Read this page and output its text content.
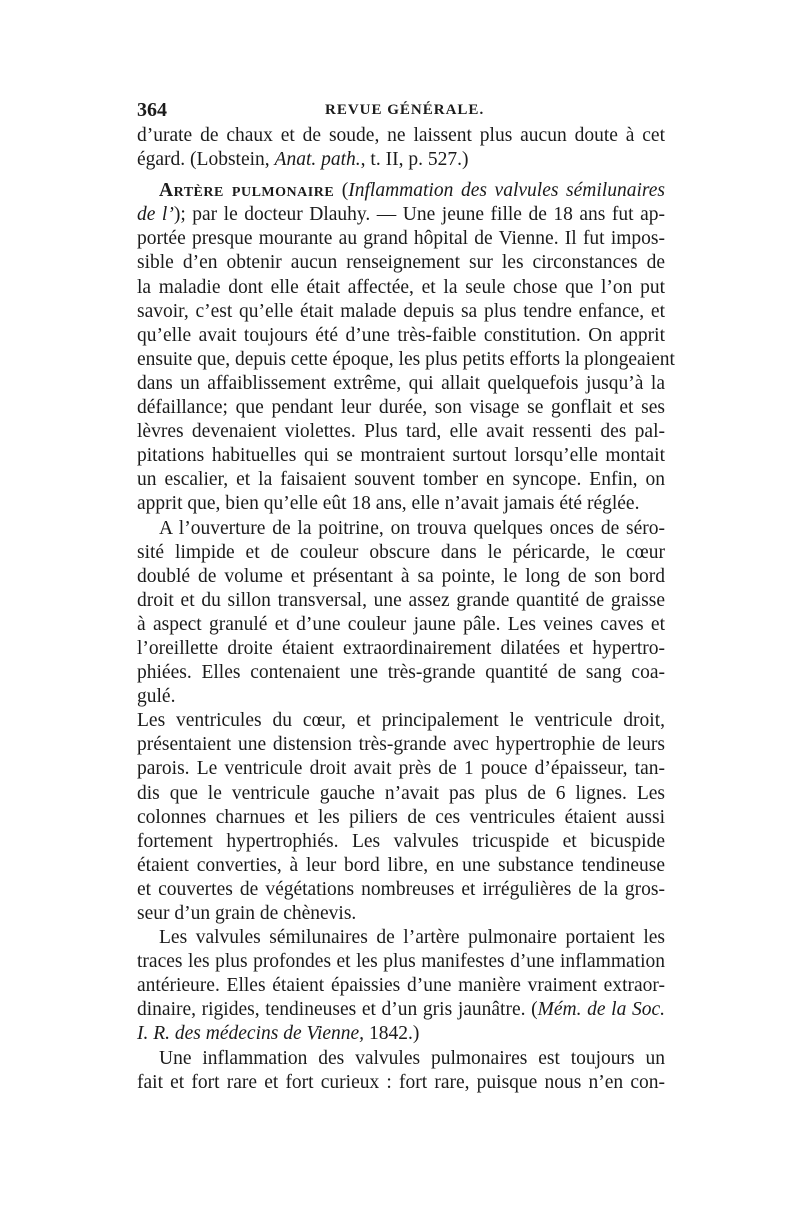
364	REVUE GÉNÉRALE.
d’urate de chaux et de soude, ne laissent plus aucun doute à cet
égard. (Lobstein, Anat. path., t. II, p. 527.)
Artère pulmonaire (Inflammation des valvules sémilunaires
de l’); par le docteur Dlauhy. — Une jeune fille de 18 ans fut ap-
portée presque mourante au grand hôpital de Vienne. Il fut impos-
sible d’en obtenir aucun renseignement sur les circonstances de
la maladie dont elle était affectée, et la seule chose que l’on put
savoir, c’est qu’elle était malade depuis sa plus tendre enfance, et
qu’elle avait toujours été d’une très-faible constitution. On apprit
ensuite que, depuis cette époque, les plus petits efforts la plongeaient
dans un affaiblissement extrême, qui allait quelquefois jusqu’à la
défaillance; que pendant leur durée, son visage se gonflait et ses
lèvres devenaient violettes. Plus tard, elle avait ressenti des pal-
pitations habituelles qui se montraient surtout lorsqu’elle montait
un escalier, et la faisaient souvent tomber en syncope. Enfin, on
apprit que, bien qu’elle eût 18 ans, elle n’avait jamais été réglée.
A l’ouverture de la poitrine, on trouva quelques onces de séro-
sité limpide et de couleur obscure dans le péricarde, le cœur
doublé de volume et présentant à sa pointe, le long de son bord
droit et du sillon transversal, une assez grande quantité de graisse
à aspect granulé et d’une couleur jaune pâle. Les veines caves et
l’oreillette droite étaient extraordinairement dilatées et hypertro-
phiées. Elles contenaient une très-grande quantité de sang coa-
gulé.
Les ventricules du cœur, et principalement le ventricule droit,
présentaient une distension très-grande avec hypertrophie de leurs
parois. Le ventricule droit avait près de 1 pouce d’épaisseur, tan-
dis que le ventricule gauche n’avait pas plus de 6 lignes. Les
colonnes charnues et les piliers de ces ventricules étaient aussi
fortement hypertrophiés. Les valvules tricuspide et bicuspide
étaient converties, à leur bord libre, en une substance tendineuse
et couvertes de végétations nombreuses et irrégulières de la gros-
seur d’un grain de chènevis.
Les valvules sémilunaires de l’artère pulmonaire portaient les
traces les plus profondes et les plus manifestes d’une inflammation
antérieure. Elles étaient épaissies d’une manière vraiment extraor-
dinaire, rigides, tendineuses et d’un gris jaunâtre. (Mém. de la Soc.
I. R. des médecins de Vienne, 1842.)
Une inflammation des valvules pulmonaires est toujours un
fait et fort rare et fort curieux : fort rare, puisque nous n’en con-
